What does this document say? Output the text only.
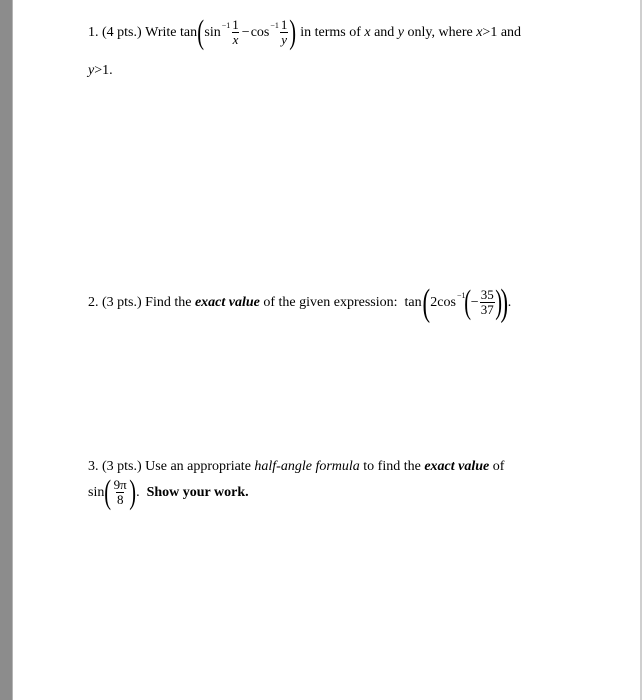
1.
(4 pts.)
Write
tan ( $\sin -1 \frac{1}{x} - \cos -1 \frac{1}{y}$ )
in terms of
x
and
y
only, where
x >1
and
y >1.
2.
(3 pts.)
Find the
exact value
of the given expression:
tan ( 2 cos −1 ( − $\frac{35}{37}$ )
) .
3.
(3 pts.)
Use an appropriate
half-angle formula
to find the
exact value
of
sin ( $\frac{9\pi}{8}$ ) .
Show your work.
